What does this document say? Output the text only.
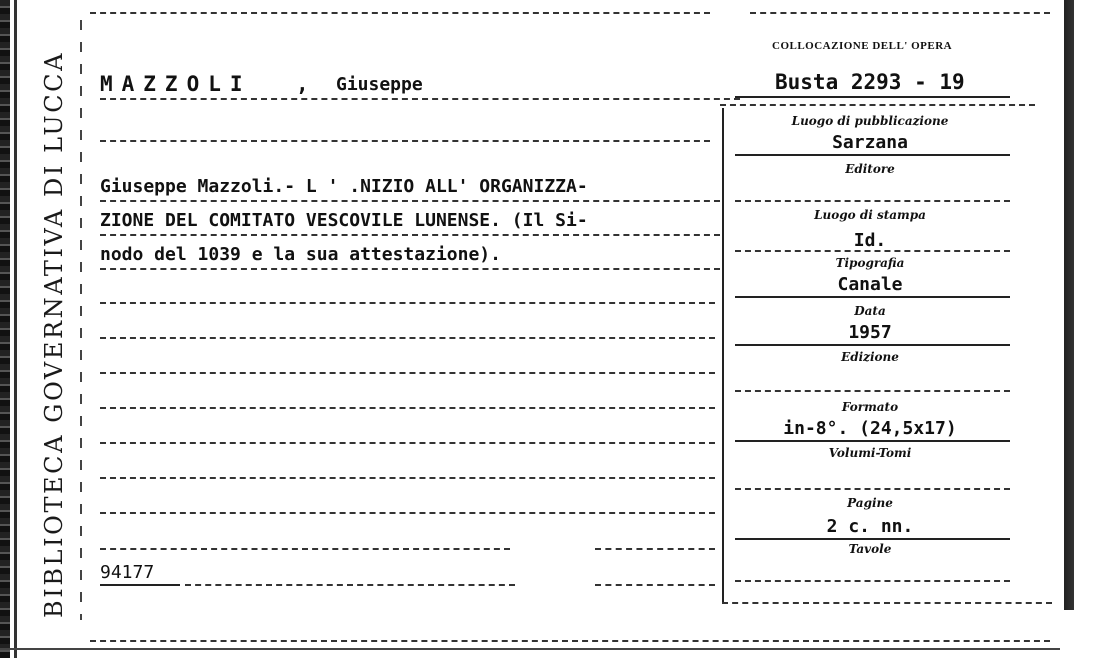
BIBLIOTECA GOVERNATIVA DI LUCCA
COLLOCAZIONE DELL' OPERA
MAZZOLI , Giuseppe	Busta 2293 - 19
Giuseppe Mazzoli.- L ' .NIZIO ALL' ORGANIZZA-
ZIONE DEL COMITATO VESCOVILE LUNENSE. (Il Si-
nodo del 1039 e la sua attestazione).
94177
Luogo di pubblicazione
Sarzana
Editore
Luogo di stampa
Id.
Tipografia
Canale
Data
1957
Edizione
Formato
in-8°. (24,5x17)
Volumi-Tomi
Pagine
2 c. nn.
Tavole
